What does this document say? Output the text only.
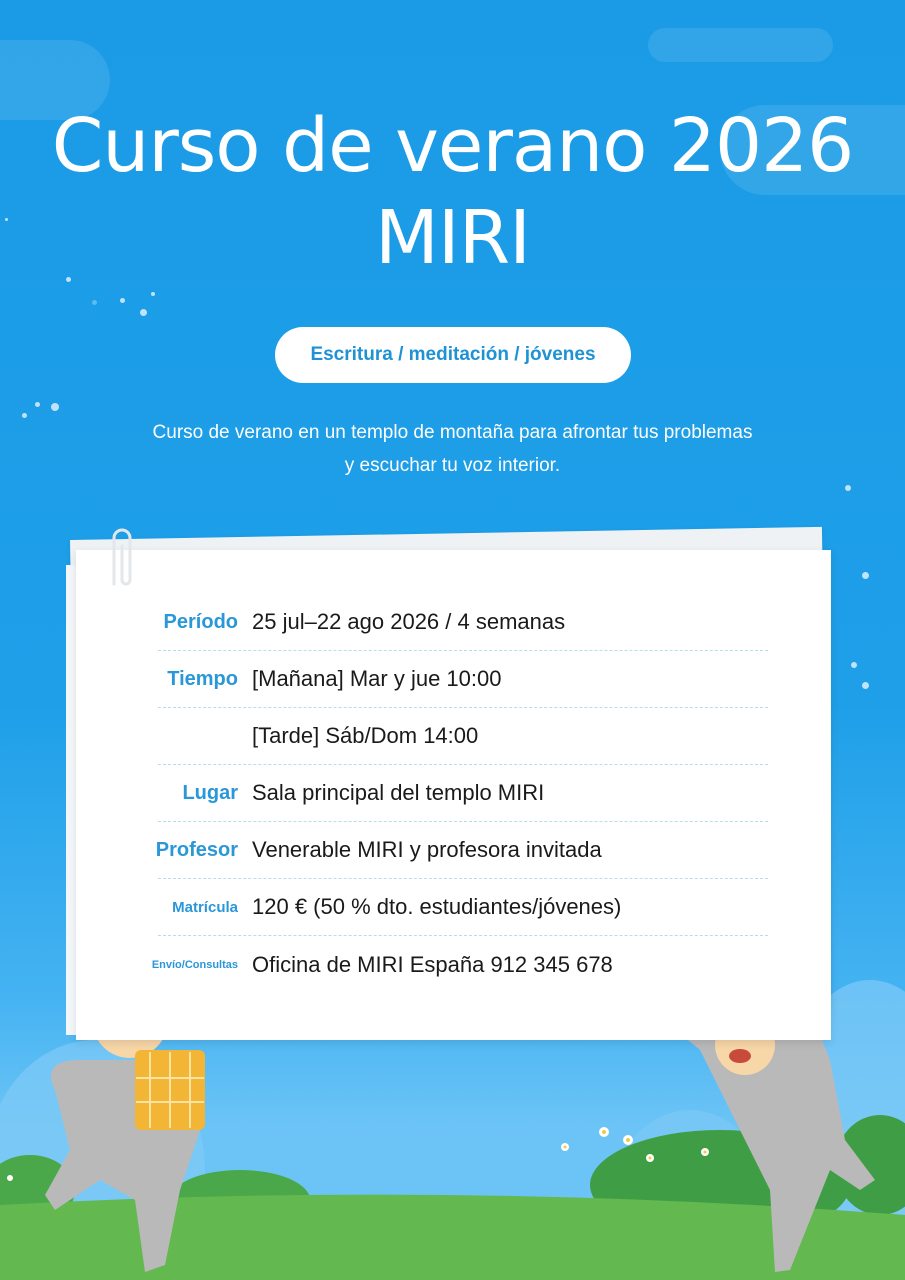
Curso de verano 2026
MIRI
Escritura / meditación / jóvenes
Curso de verano en un templo de montaña para afrontar tus problemas
y escuchar tu voz interior.
Período 25 jul–22 ago 2026 / 4 semanas
Tiempo [Mañana] Mar y jue 10:00
[Tarde] Sáb/Dom 14:00
Lugar Sala principal del templo MIRI
Profesor Venerable MIRI y profesora invitada
Matrícula 120 € (50 % dto. estudiantes/jóvenes)
Envío/Consultas Oficina de MIRI España 912 345 678
